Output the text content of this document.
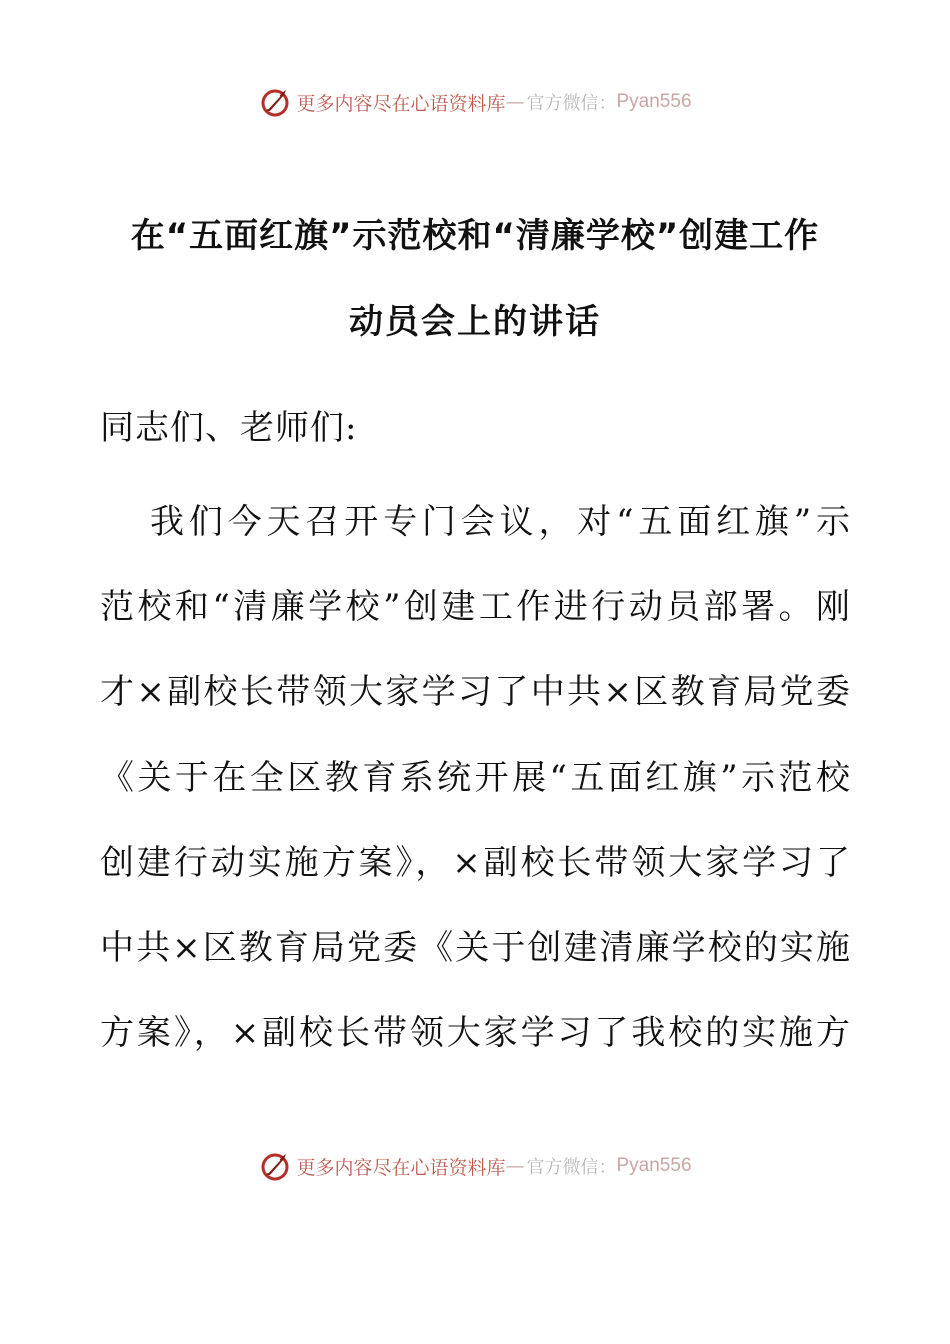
更多内容尽在心语资料库 — 官方微信： Pyan556
在“五面红旗”示范校和“清廉学校”创建工作
动员会上的讲话

同志们、老师们:

我们今天召开专门会议，对“五面红旗”示

范校和“清廉学校”创建工作进行动员部署。刚

才×副校长带领大家学习了中共×区教育局党委

《关于在全区教育系统开展“五面红旗”示范校

创建行动实施方案》，×副校长带领大家学习了

中共×区教育局党委《关于创建清廉学校的实施

方案》，×副校长带领大家学习了我校的实施方

更多内容尽在心语资料库 — 官方微信： Pyan556
